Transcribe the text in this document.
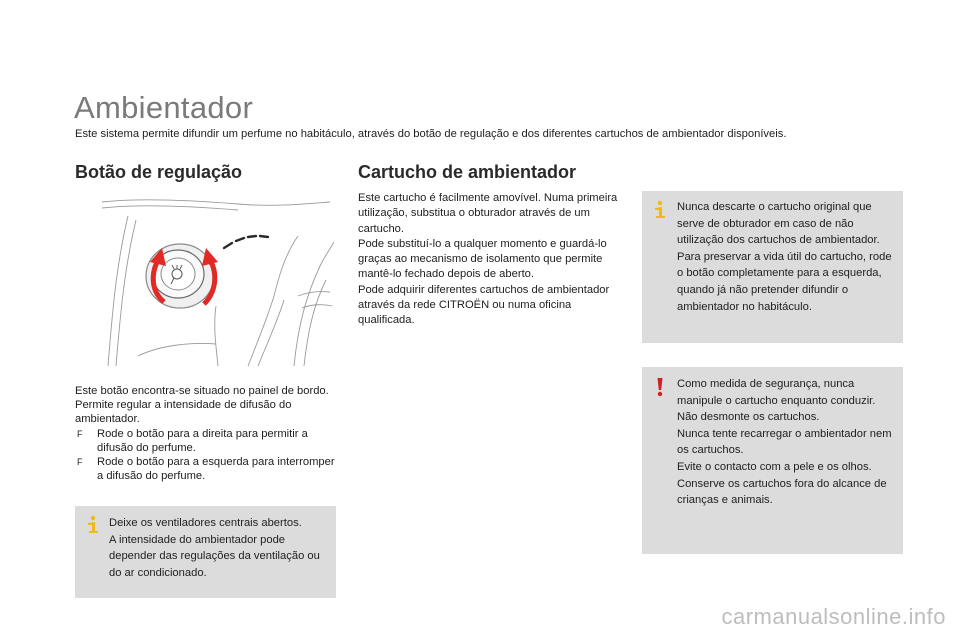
Ambientador

Este sistema permite difundir um perfume no habitáculo, através do botão de regulação e dos diferentes cartuchos de ambientador disponíveis.

Botão de regulação

Este botão encontra-se situado no painel de bordo.

Permite regular a intensidade de difusão do ambientador.

F Rode o botão para a direita para permitir a difusão do perfume.
F Rode o botão para a esquerda para interromper a difusão do perfume.
Deixe os ventiladores centrais abertos.
A intensidade do ambientador pode depender das regulações da ventilação ou do ar condicionado.
Cartucho de ambientador

Este cartucho é facilmente amovível. Numa primeira utilização, substitua o obturador através de um cartucho.

Pode substituí-lo a qualquer momento e guardá-lo graças ao mecanismo de isolamento que permite mantê-lo fechado depois de aberto.

Pode adquirir diferentes cartuchos de ambientador através da rede CITROËN ou numa oficina qualificada.

Nunca descarte o cartucho original que serve de obturador em caso de não utilização dos cartuchos de ambientador.

Para preservar a vida útil do cartucho, rode o botão completamente para a esquerda, quando já não pretender difundir o ambientador no habitáculo.

Como medida de segurança, nunca manipule o cartucho enquanto conduzir.

Não desmonte os cartuchos.

Nunca tente recarregar o ambientador nem os cartuchos.

Evite o contacto com a pele e os olhos.

Conserve os cartuchos fora do alcance de crianças e animais.

carmanualsonline.info
